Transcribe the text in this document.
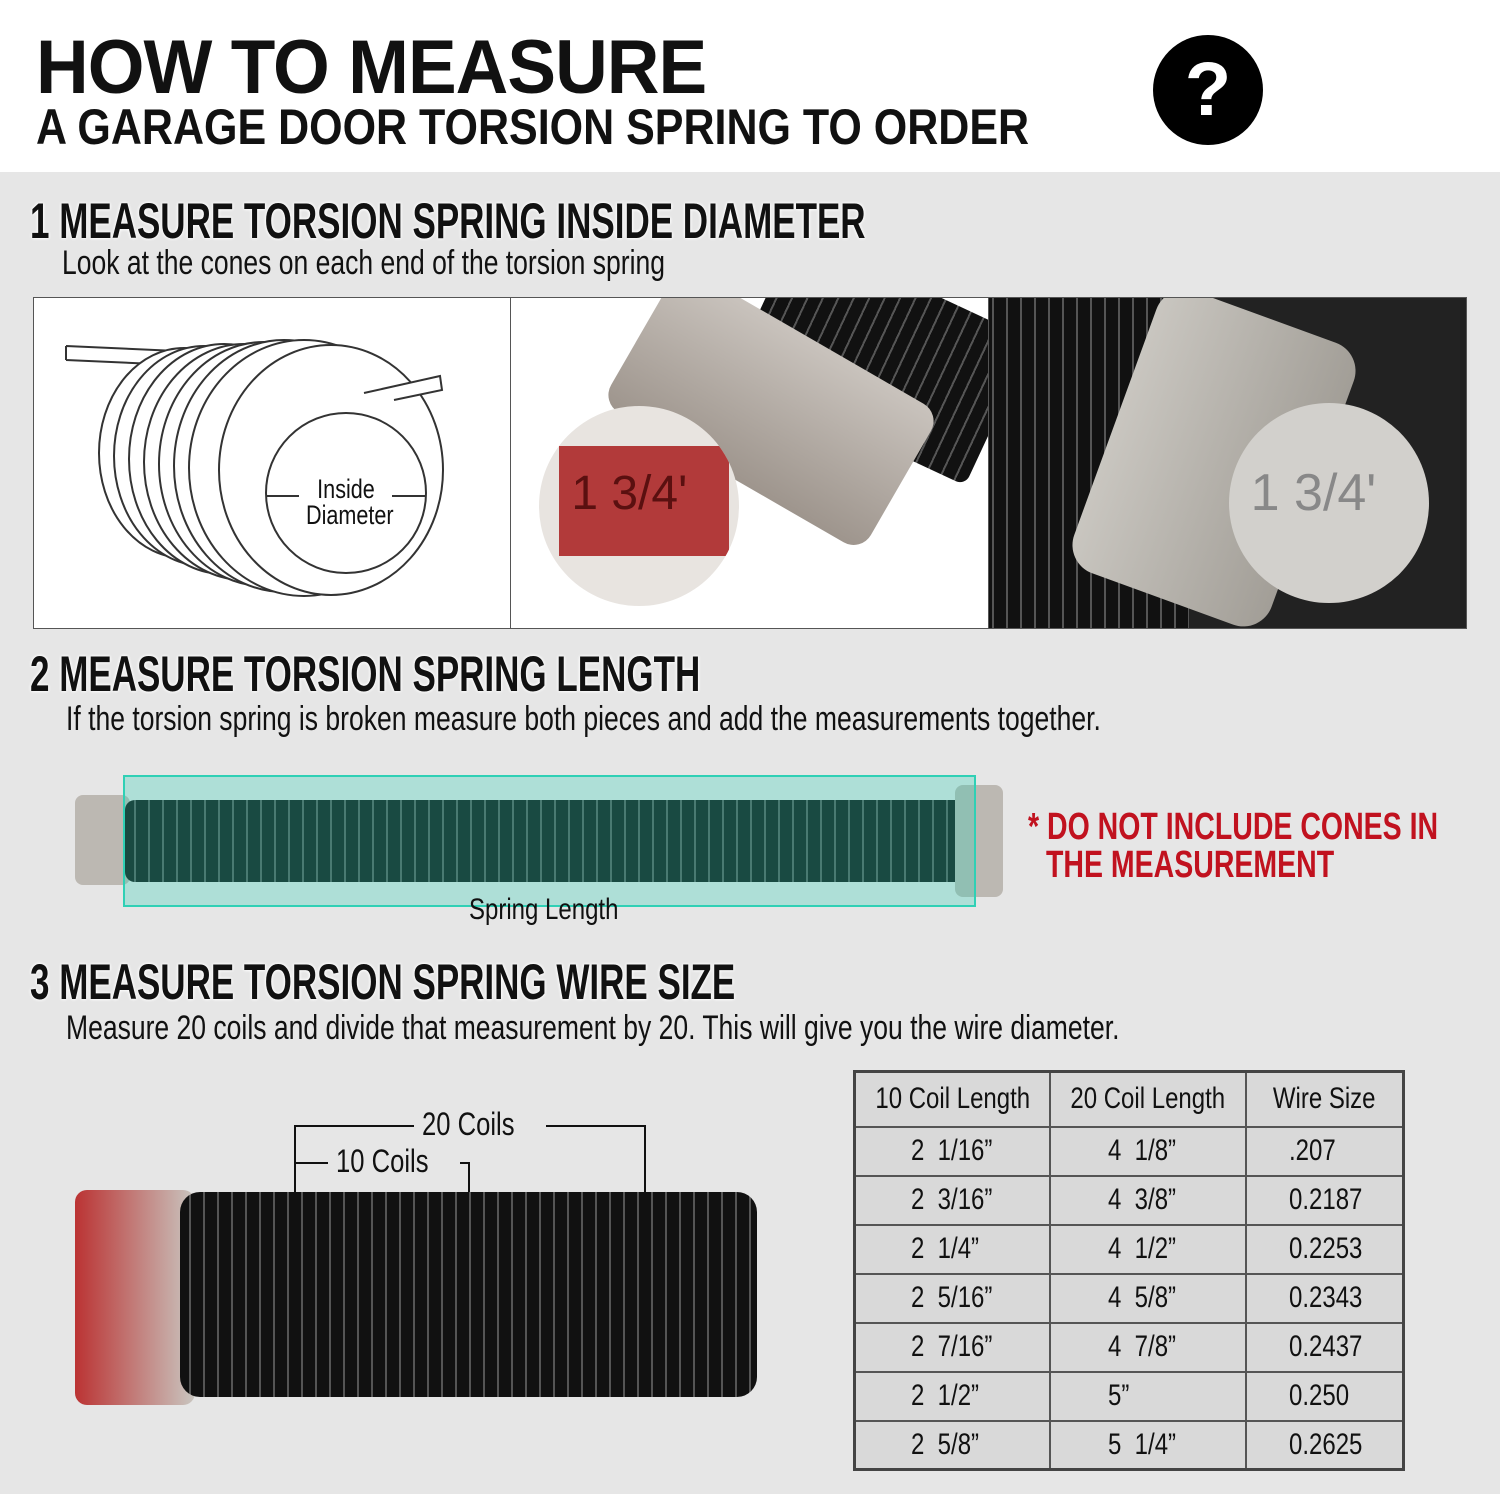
HOW TO MEASURE
A GARAGE DOOR TORSION SPRING TO ORDER	?
1 MEASURE TORSION SPRING INSIDE DIAMETER
Look at the cones on each end of the torsion spring
Inside
Diameter	1 3/4'	1 3/4'
2 MEASURE TORSION SPRING LENGTH
If the torsion spring is broken measure both pieces and add the measurements together.
Spring Length
* DO NOT INCLUDE CONES IN
THE MEASUREMENT
3 MEASURE TORSION SPRING WIRE SIZE
Measure 20 coils and divide that measurement by 20. This will give you the wire diameter.
20 Coils
10 Coils
10 Coil Length	20 Coil Length	Wire Size
2  1/16”	4  1/8”	.207
2  3/16”	4  3/8”	0.2187
2  1/4”	4  1/2”	0.2253
2  5/16”	4  5/8”	0.2343
2  7/16”	4  7/8”	0.2437
2  1/2”	5”	0.250
2  5/8”	5  1/4”	0.2625
